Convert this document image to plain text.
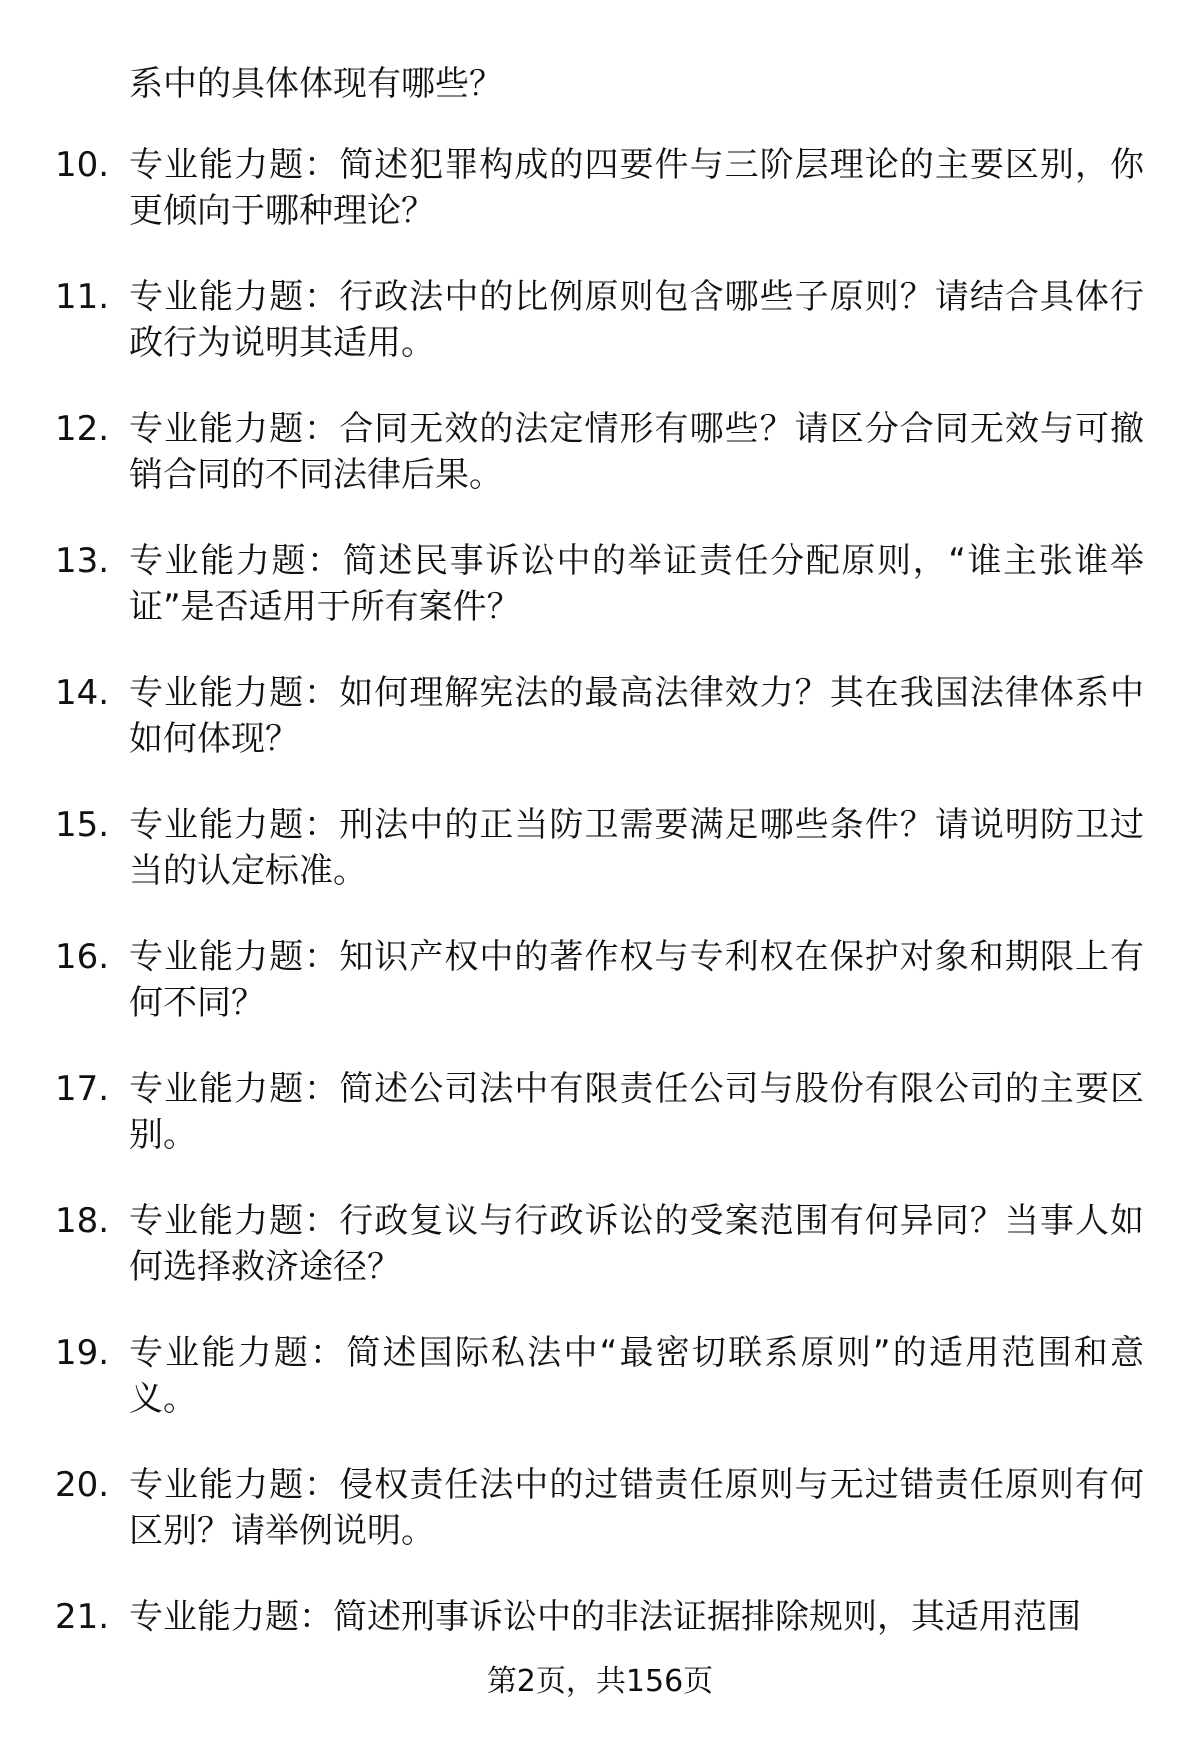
系中的具体体现有哪些？
10. 专业能力题：简述犯罪构成的四要件与三阶层理论的主要区别，你更倾向于哪种理论？
11. 专业能力题：行政法中的比例原则包含哪些子原则？请结合具体行政行为说明其适用。
12. 专业能力题：合同无效的法定情形有哪些？请区分合同无效与可撤销合同的不同法律后果。
13. 专业能力题：简述民事诉讼中的举证责任分配原则，“谁主张谁举证”是否适用于所有案件？
14. 专业能力题：如何理解宪法的最高法律效力？其在我国法律体系中如何体现？
15. 专业能力题：刑法中的正当防卫需要满足哪些条件？请说明防卫过当的认定标准。
16. 专业能力题：知识产权中的著作权与专利权在保护对象和期限上有何不同？
17. 专业能力题：简述公司法中有限责任公司与股份有限公司的主要区别。
18. 专业能力题：行政复议与行政诉讼的受案范围有何异同？当事人如何选择救济途径？
19. 专业能力题：简述国际私法中“最密切联系原则”的适用范围和意义。
20. 专业能力题：侵权责任法中的过错责任原则与无过错责任原则有何区别？请举例说明。
21. 专业能力题：简述刑事诉讼中的非法证据排除规则，其适用范围
第2页，共156页
